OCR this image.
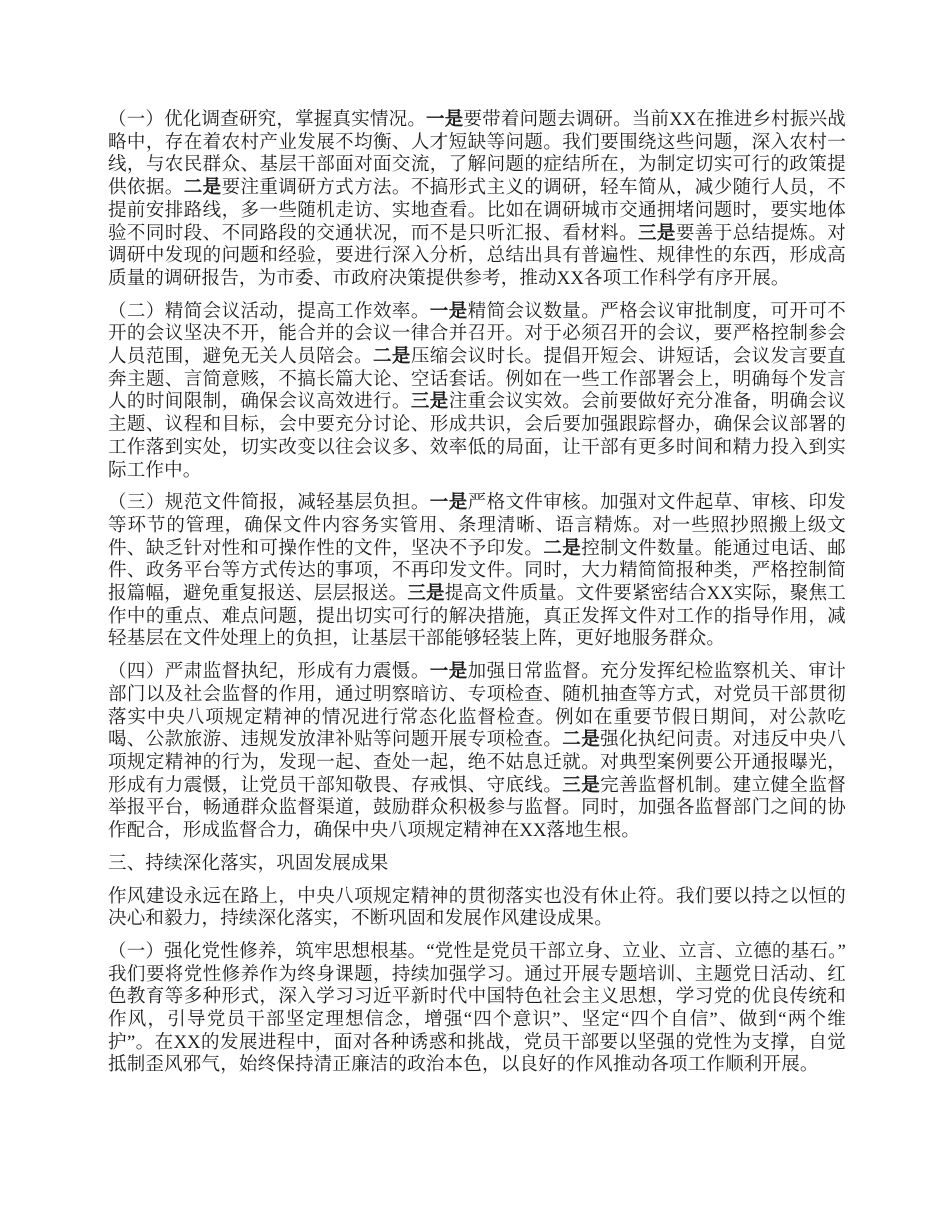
（一）优化调查研究，掌握真实情况。一是要带着问题去调研。当前XX在推进乡村振兴战略中，存在着农村产业发展不均衡、人才短缺等问题。我们要围绕这些问题，深入农村一线，与农民群众、基层干部面对面交流，了解问题的症结所在，为制定切实可行的政策提供依据。二是要注重调研方式方法。不搞形式主义的调研，轻车简从，减少随行人员，不提前安排路线，多一些随机走访、实地查看。比如在调研城市交通拥堵问题时，要实地体验不同时段、不同路段的交通状况，而不是只听汇报、看材料。三是要善于总结提炼。对调研中发现的问题和经验，要进行深入分析，总结出具有普遍性、规律性的东西，形成高质量的调研报告，为市委、市政府决策提供参考，推动XX各项工作科学有序开展。

（二）精简会议活动，提高工作效率。一是精简会议数量。严格会议审批制度，可开可不开的会议坚决不开，能合并的会议一律合并召开。对于必须召开的会议，要严格控制参会人员范围，避免无关人员陪会。二是压缩会议时长。提倡开短会、讲短话，会议发言要直奔主题、言简意赅，不搞长篇大论、空话套话。例如在一些工作部署会上，明确每个发言人的时间限制，确保会议高效进行。三是注重会议实效。会前要做好充分准备，明确会议主题、议程和目标，会中要充分讨论、形成共识，会后要加强跟踪督办，确保会议部署的工作落到实处，切实改变以往会议多、效率低的局面，让干部有更多时间和精力投入到实际工作中。

（三）规范文件简报，减轻基层负担。一是严格文件审核。加强对文件起草、审核、印发等环节的管理，确保文件内容务实管用、条理清晰、语言精炼。对一些照抄照搬上级文件、缺乏针对性和可操作性的文件，坚决不予印发。二是控制文件数量。能通过电话、邮件、政务平台等方式传达的事项，不再印发文件。同时，大力精简简报种类，严格控制简报篇幅，避免重复报送、层层报送。三是提高文件质量。文件要紧密结合XX实际，聚焦工作中的重点、难点问题，提出切实可行的解决措施，真正发挥文件对工作的指导作用，减轻基层在文件处理上的负担，让基层干部能够轻装上阵，更好地服务群众。

（四）严肃监督执纪，形成有力震慑。一是加强日常监督。充分发挥纪检监察机关、审计部门以及社会监督的作用，通过明察暗访、专项检查、随机抽查等方式，对党员干部贯彻落实中央八项规定精神的情况进行常态化监督检查。例如在重要节假日期间，对公款吃喝、公款旅游、违规发放津补贴等问题开展专项检查。二是强化执纪问责。对违反中央八项规定精神的行为，发现一起、查处一起，绝不姑息迁就。对典型案例要公开通报曝光，形成有力震慑，让党员干部知敬畏、存戒惧、守底线。三是完善监督机制。建立健全监督举报平台，畅通群众监督渠道，鼓励群众积极参与监督。同时，加强各监督部门之间的协作配合，形成监督合力，确保中央八项规定精神在XX落地生根。

三、持续深化落实，巩固发展成果

作风建设永远在路上，中央八项规定精神的贯彻落实也没有休止符。我们要以持之以恒的决心和毅力，持续深化落实，不断巩固和发展作风建设成果。

（一）强化党性修养，筑牢思想根基。“党性是党员干部立身、立业、立言、立德的基石。”我们要将党性修养作为终身课题，持续加强学习。通过开展专题培训、主题党日活动、红色教育等多种形式，深入学习习近平新时代中国特色社会主义思想，学习党的优良传统和作风，引导党员干部坚定理想信念，增强“四个意识”、坚定“四个自信”、做到“两个维护”。在XX的发展进程中，面对各种诱惑和挑战，党员干部要以坚强的党性为支撑，自觉抵制歪风邪气，始终保持清正廉洁的政治本色，以良好的作风推动各项工作顺利开展。
